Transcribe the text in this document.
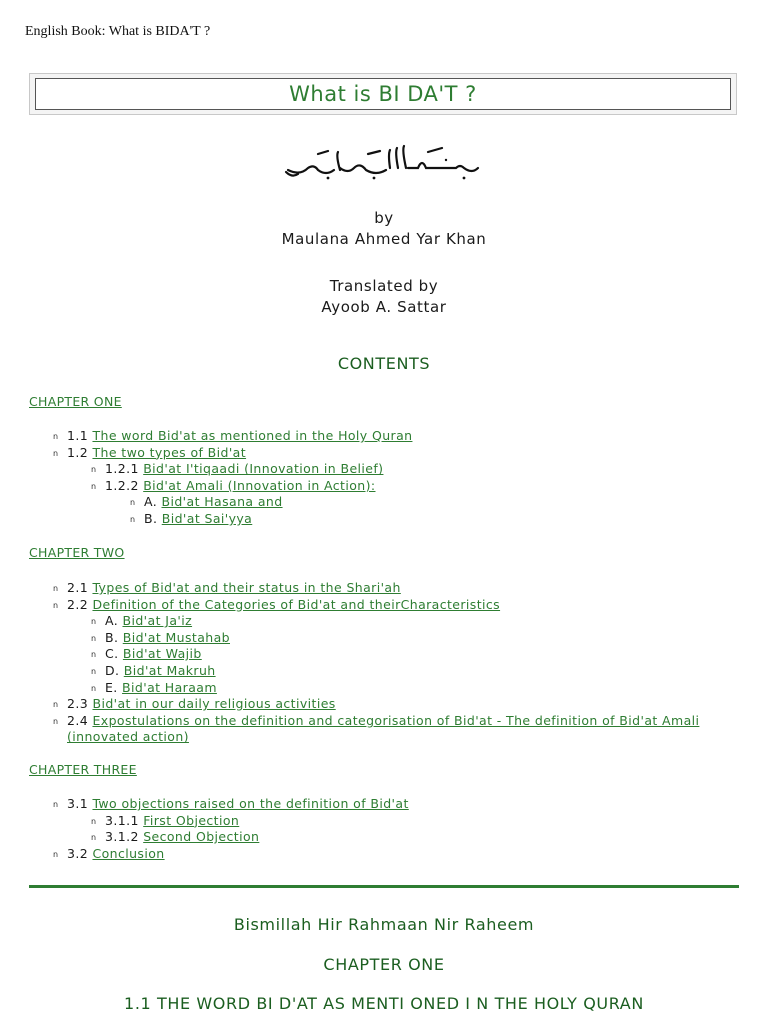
English Book: What is BIDA'T ?
What is BI DA'T ?
by
Maulana Ahmed Yar Khan
Translated by
Ayoob A. Sattar
CONTENTS
CHAPTER ONE
n 1.1 The word Bid'at as mentioned in the Holy Quran
n 1.2 The two types of Bid'at
n 1.2.1 Bid'at I'tiqaadi (Innovation in Belief)
n 1.2.2 Bid'at Amali (Innovation in Action):
n A. Bid'at Hasana and
n B. Bid'at Sai'yya
CHAPTER TWO
n 2.1 Types of Bid'at and their status in the Shari'ah
n 2.2 Definition of the Categories of Bid'at and theirCharacteristics
n A. Bid'at Ja'iz
n B. Bid'at Mustahab
n C. Bid'at Wajib
n D. Bid'at Makruh
n E. Bid'at Haraam
n 2.3 Bid'at in our daily religious activities
n 2.4 Expostulations on the definition and categorisation of Bid'at - The definition of Bid'at Amali (innovated action)
CHAPTER THREE
n 3.1 Two objections raised on the definition of Bid'at
n 3.1.1 First Objection
n 3.1.2 Second Objection
n 3.2 Conclusion
Bismillah Hir Rahmaan Nir Raheem
CHAPTER ONE
1.1 THE WORD BI D'AT AS MENTI ONED I N THE HOLY QURAN
